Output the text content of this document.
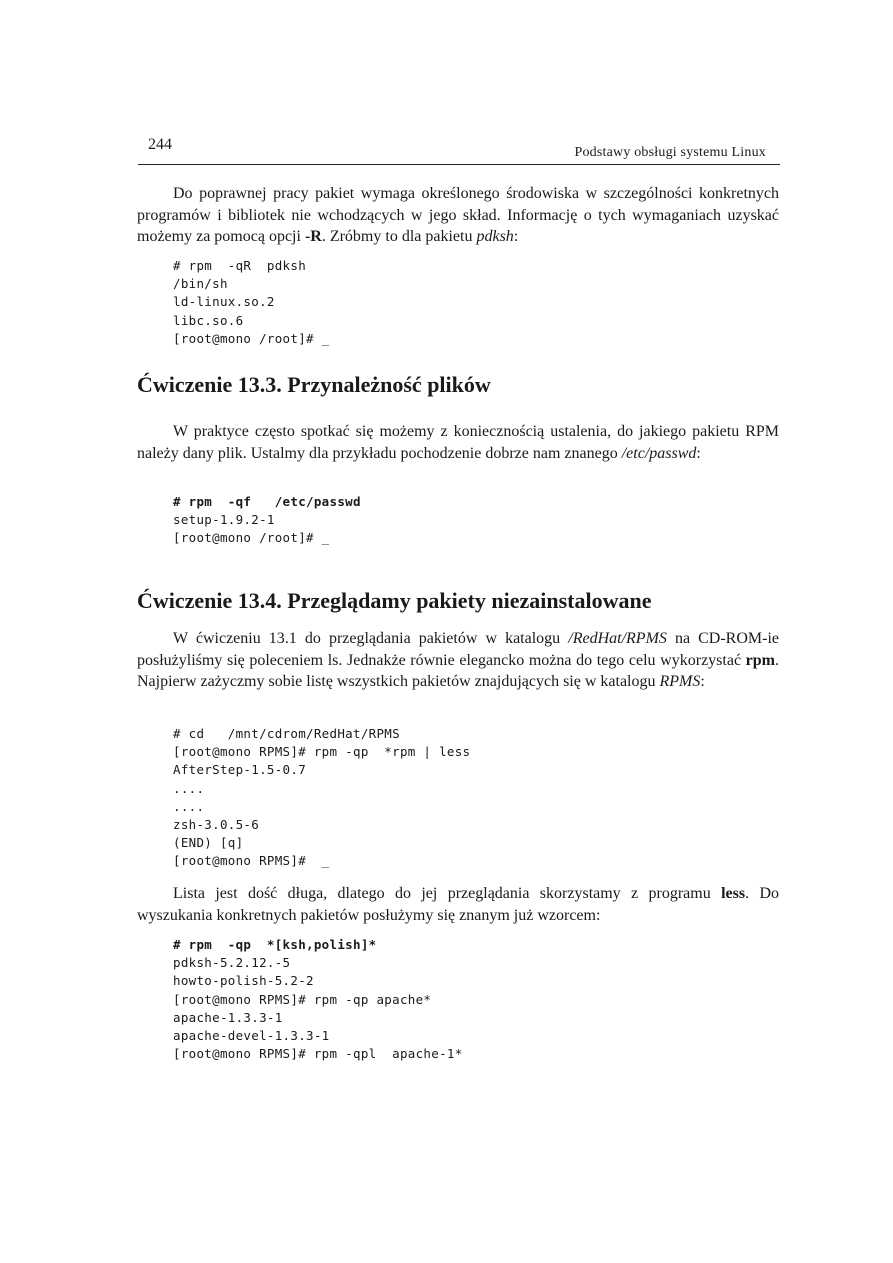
244	Podstawy obsługi systemu Linux

Do poprawnej pracy pakiet wymaga określonego środowiska w szczególności konkretnych programów i bibliotek nie wchodzących w jego skład. Informację o tych wymaganiach uzyskać możemy za pomocą opcji -R. Zróbmy to dla pakietu pdksh:

# rpm  -qR  pdksh
/bin/sh
ld-linux.so.2
libc.so.6
[root@mono /root]# _
Ćwiczenie 13.3. Przynależność plików

W praktyce często spotkać się możemy z koniecznością ustalenia, do jakiego pakietu RPM należy dany plik. Ustalmy dla przykładu pochodzenie dobrze nam znanego /etc/passwd:

# rpm  -qf   /etc/passwd
setup-1.9.2-1
[root@mono /root]# _
Ćwiczenie 13.4. Przeglądamy pakiety niezainstalowane

W ćwiczeniu 13.1 do przeglądania pakietów w katalogu /RedHat/RPMS na CD-ROM-ie posłużyliśmy się poleceniem ls. Jednakże równie elegancko można do tego celu wykorzystać rpm. Najpierw zażyczmy sobie listę wszystkich pakietów znajdujących się w katalogu RPMS:

# cd   /mnt/cdrom/RedHat/RPMS
[root@mono RPMS]# rpm -qp  *rpm | less
AfterStep-1.5-0.7
....
....
zsh-3.0.5-6
(END) [q]
[root@mono RPMS]#  _

Lista jest dość długa, dlatego do jej przeglądania skorzystamy z programu less. Do wyszukania konkretnych pakietów posłużymy się znanym już wzorcem:

# rpm  -qp  *[ksh,polish]*
pdksh-5.2.12.-5
howto-polish-5.2-2
[root@mono RPMS]# rpm -qp apache*
apache-1.3.3-1
apache-devel-1.3.3-1
[root@mono RPMS]# rpm -qpl  apache-1*
